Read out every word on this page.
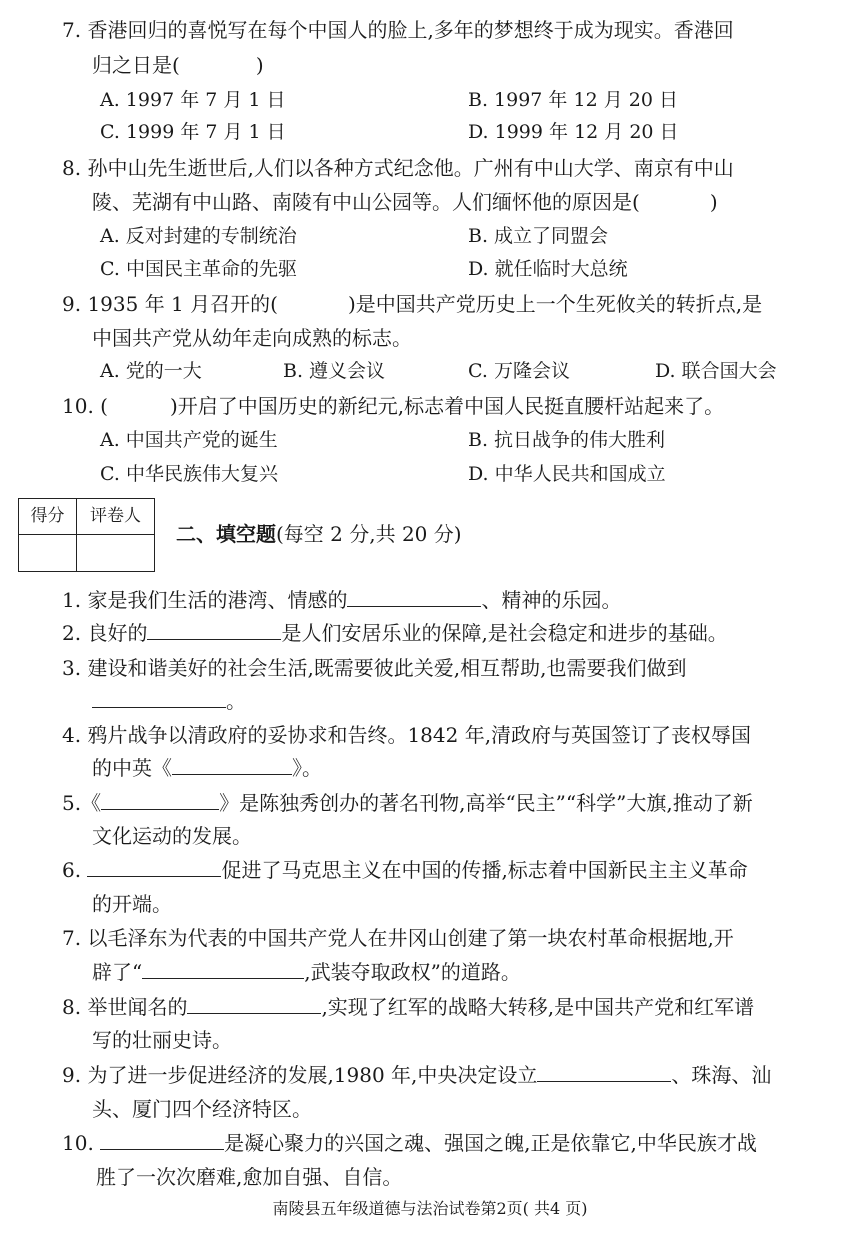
7. 香港回归的喜悦写在每个中国人的脸上,多年的梦想终于成为现实。香港回
归之日是(	)
A. 1997 年 7 月 1 日	B. 1997 年 12 月 20 日
C. 1999 年 7 月 1 日	D. 1999 年 12 月 20 日
8. 孙中山先生逝世后,人们以各种方式纪念他。广州有中山大学、南京有中山
陵、芜湖有中山路、南陵有中山公园等。人们缅怀他的原因是(	)
A. 反对封建的专制统治	B. 成立了同盟会
C. 中国民主革命的先驱	D. 就任临时大总统
9. 1935 年 1 月召开的(	)是中国共产党历史上一个生死攸关的转折点,是
中国共产党从幼年走向成熟的标志。
A. 党的一大	B. 遵义会议	C. 万隆会议	D. 联合国大会
10. (	)开启了中国历史的新纪元,标志着中国人民挺直腰杆站起来了。
A. 中国共产党的诞生	B. 抗日战争的伟大胜利
C. 中华民族伟大复兴	D. 中华人民共和国成立
得分	评卷人
二、填空题(每空 2 分,共 20 分)
1. 家是我们生活的港湾、情感的	、精神的乐园。
2. 良好的	是人们安居乐业的保障,是社会稳定和进步的基础。
3. 建设和谐美好的社会生活,既需要彼此关爱,相互帮助,也需要我们做到
。
4. 鸦片战争以清政府的妥协求和告终。1842 年,清政府与英国签订了丧权辱国
的中英《	》。
5.《	》是陈独秀创办的著名刊物,高举“民主”“科学”大旗,推动了新
文化运动的发展。
6.	促进了马克思主义在中国的传播,标志着中国新民主主义革命
的开端。
7. 以毛泽东为代表的中国共产党人在井冈山创建了第一块农村革命根据地,开
辟了“	,武装夺取政权”的道路。
8. 举世闻名的	,实现了红军的战略大转移,是中国共产党和红军谱
写的壮丽史诗。
9. 为了进一步促进经济的发展,1980 年,中央决定设立	、珠海、汕
头、厦门四个经济特区。
10.	是凝心聚力的兴国之魂、强国之魄,正是依靠它,中华民族才战
胜了一次次磨难,愈加自强、自信。
南陵县五年级道德与法治试卷第2页( 共4 页)
